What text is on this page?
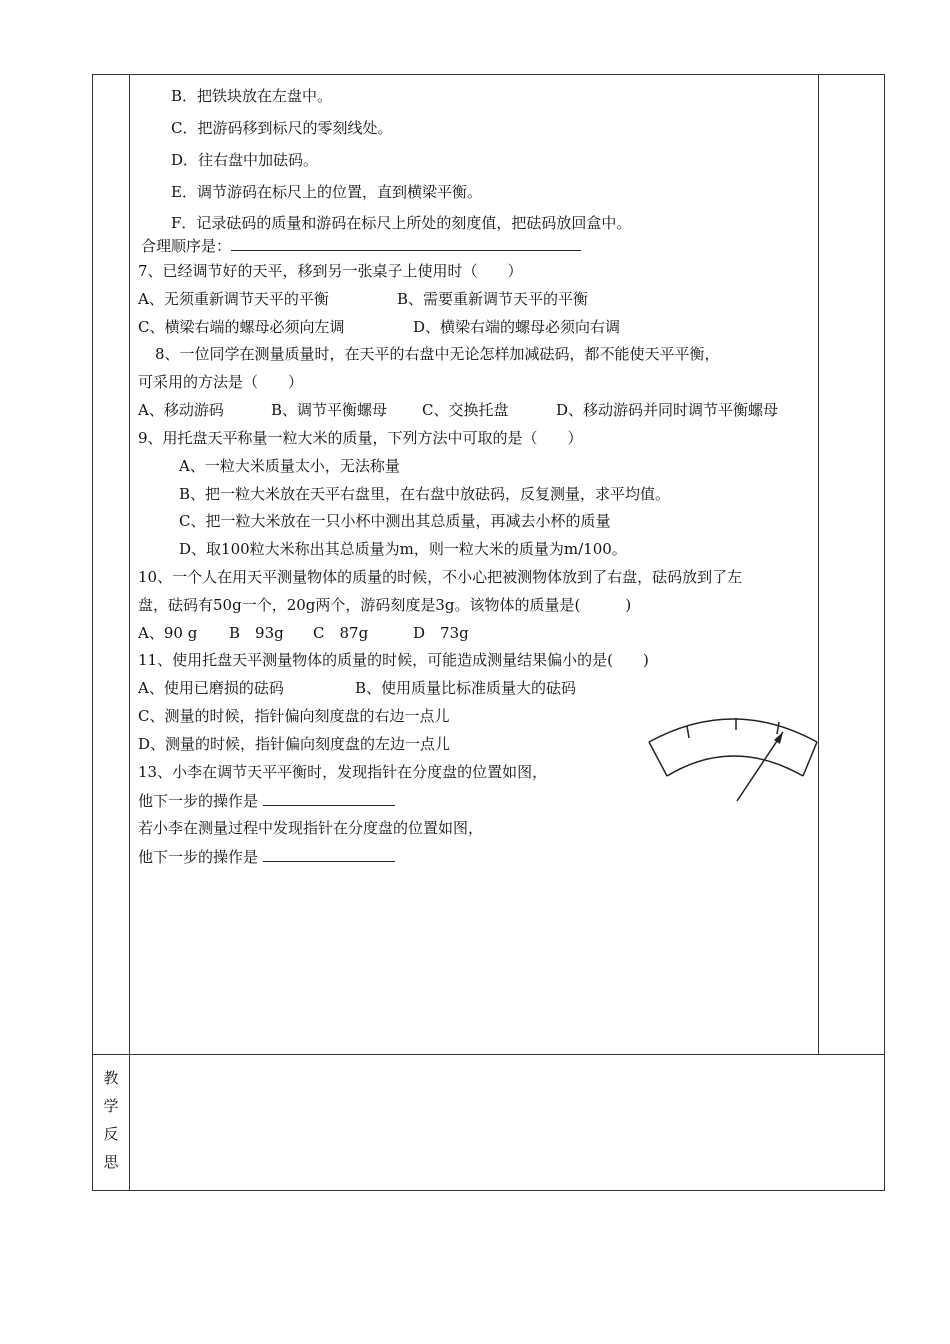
B．把铁块放在左盘中。
C．把游码移到标尺的零刻线处。
D．往右盘中加砝码。
E．调节游码在标尺上的位置，直到横梁平衡。
F．记录砝码的质量和游码在标尺上所处的刻度值，把砝码放回盒中。
合理顺序是：
7、已经调节好的天平，移到另一张桌子上使用时（　　）
A、无须重新调节天平的平衡	B、需要重新调节天平的平衡
C、横梁右端的螺母必须向左调	D、横梁右端的螺母必须向右调
8、一位同学在测量质量时，在天平的右盘中无论怎样加减砝码，都不能使天平平衡，
可采用的方法是（　　）
A、移动游码	B、调节平衡螺母 C、交换托盘	D、移动游码并同时调节平衡螺母
9、用托盘天平称量一粒大米的质量，下列方法中可取的是（　　）
A、一粒大米质量太小，无法称量
B、把一粒大米放在天平右盘里，在右盘中放砝码，反复测量，求平均值。
C、把一粒大米放在一只小杯中测出其总质量，再减去小杯的质量
D、取100粒大米称出其总质量为m，则一粒大米的质量为m/100。
10、一个人在用天平测量物体的质量的时候，不小心把被测物体放到了右盘，砝码放到了左
盘，砝码有50g一个，20g两个，游码刻度是3g。该物体的质量是(　　　)
A、90 g B　93g C　87g	D　73g
11、使用托盘天平测量物体的质量的时候，可能造成测量结果偏小的是(　　)
A、使用已磨损的砝码	B、使用质量比标准质量大的砝码
C、测量的时候，指针偏向刻度盘的右边一点儿
D、测量的时候，指针偏向刻度盘的左边一点儿
13、小李在调节天平平衡时，发现指针在分度盘的位置如图，
他下一步的操作是
若小李在测量过程中发现指针在分度盘的位置如图，
他下一步的操作是
教
学
反
思
